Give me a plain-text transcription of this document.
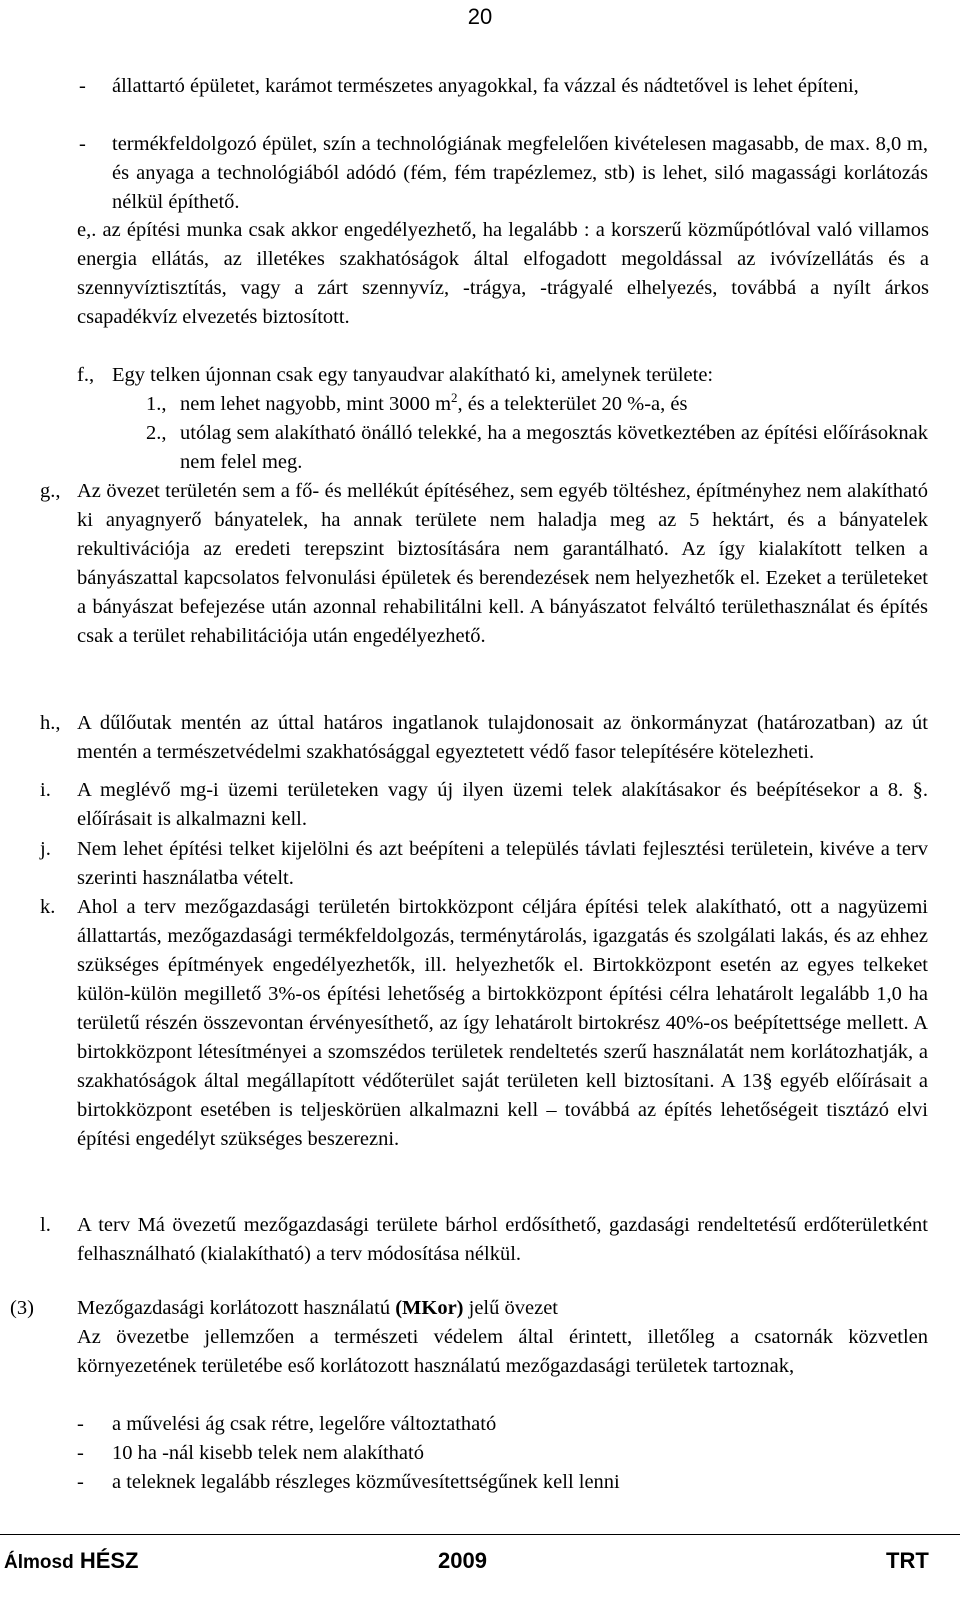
20
- állattartó épületet, karámot természetes anyagokkal, fa vázzal és nádtetővel is lehet építeni,
- termékfeldolgozó épület, szín a technológiának megfelelően kivételesen magasabb, de max. 8,0 m, és anyaga a technológiából adódó (fém, fém trapézlemez, stb) is lehet, siló magassági korlátozás nélkül építhető.
e,. az építési munka csak akkor engedélyezhető, ha legalább : a korszerű közműpótlóval való villamos energia ellátás, az illetékes szakhatóságok által elfogadott megoldással az ivóvízellátás és a szennyvíztisztítás, vagy a zárt szennyvíz, -trágya, -trágyalé elhelyezés, továbbá a nyílt árkos csapadékvíz elvezetés biztosított.
f., Egy telken újonnan csak egy tanyaudvar alakítható ki, amelynek területe:
1., nem lehet nagyobb, mint 3000 $m^2$, és a telekterület 20 %-a, és
2., utólag sem alakítható önálló telekké, ha a megosztás következtében az építési előírásoknak nem felel meg.
g., Az övezet területén sem a fő- és mellékút építéséhez, sem egyéb töltéshez, építményhez nem alakítható ki anyagnyerő bányatelek, ha annak területe nem haladja meg az 5 hektárt, és a bányatelek rekultivációja az eredeti terepszint biztosítására nem garantálható. Az így kialakított telken a bányászattal kapcsolatos felvonulási épületek és berendezések nem helyezhetők el. Ezeket a területeket a bányászat befejezése után azonnal rehabilitálni kell. A bányászatot felváltó területhasználat és építés csak a terület rehabilitációja után engedélyezhető.
h., A dűlőutak mentén az úttal határos ingatlanok tulajdonosait az önkormányzat (határozatban) az út mentén a természetvédelmi szakhatósággal egyeztetett védő fasor telepítésére kötelezheti.
i. A meglévő mg-i üzemi területeken vagy új ilyen üzemi telek alakításakor és beépítésekor a 8. §. előírásait is alkalmazni kell.
j. Nem lehet építési telket kijelölni és azt beépíteni a település távlati fejlesztési területein, kivéve a terv szerinti használatba vételt.
k. Ahol a terv mezőgazdasági területén birtokközpont céljára építési telek alakítható, ott a nagyüzemi állattartás, mezőgazdasági termékfeldolgozás, terménytárolás, igazgatás és szolgálati lakás, és az ehhez szükséges építmények engedélyezhetők, ill. helyezhetők el. Birtokközpont esetén az egyes telkeket külön-külön megillető 3%-os építési lehetőség a birtokközpont építési célra lehatárolt legalább 1,0 ha területű részén összevontan érvényesíthető, az így lehatárolt birtokrész 40%-os beépítettsége mellett. A birtokközpont létesítményei a szomszédos területek rendeltetés szerű használatát nem korlátozhatják, a szakhatóságok által megállapított védőterület saját területen kell biztosítani. A 13§ egyéb előírásait a birtokközpont esetében is teljeskörüen alkalmazni kell – továbbá az építés lehetőségeit tisztázó elvi építési engedélyt szükséges beszerezni.
l. A terv Má övezetű mezőgazdasági területe bárhol erdősíthető, gazdasági rendeltetésű erdőterületként felhasználható (kialakítható) a terv módosítása nélkül.
(3) Mezőgazdasági korlátozott használatú (MKor) jelű övezet
Az övezetbe jellemzően a természeti védelem által érintett, illetőleg a csatornák közvetlen környezetének területébe eső korlátozott használatú mezőgazdasági területek tartoznak,
- a művelési ág csak rétre, legelőre változtatható
- 10 ha -nál kisebb telek nem alakítható
- a teleknek legalább részleges közművesítettségűnek kell lenni
Álmosd HÉSZ	2009	TRT
